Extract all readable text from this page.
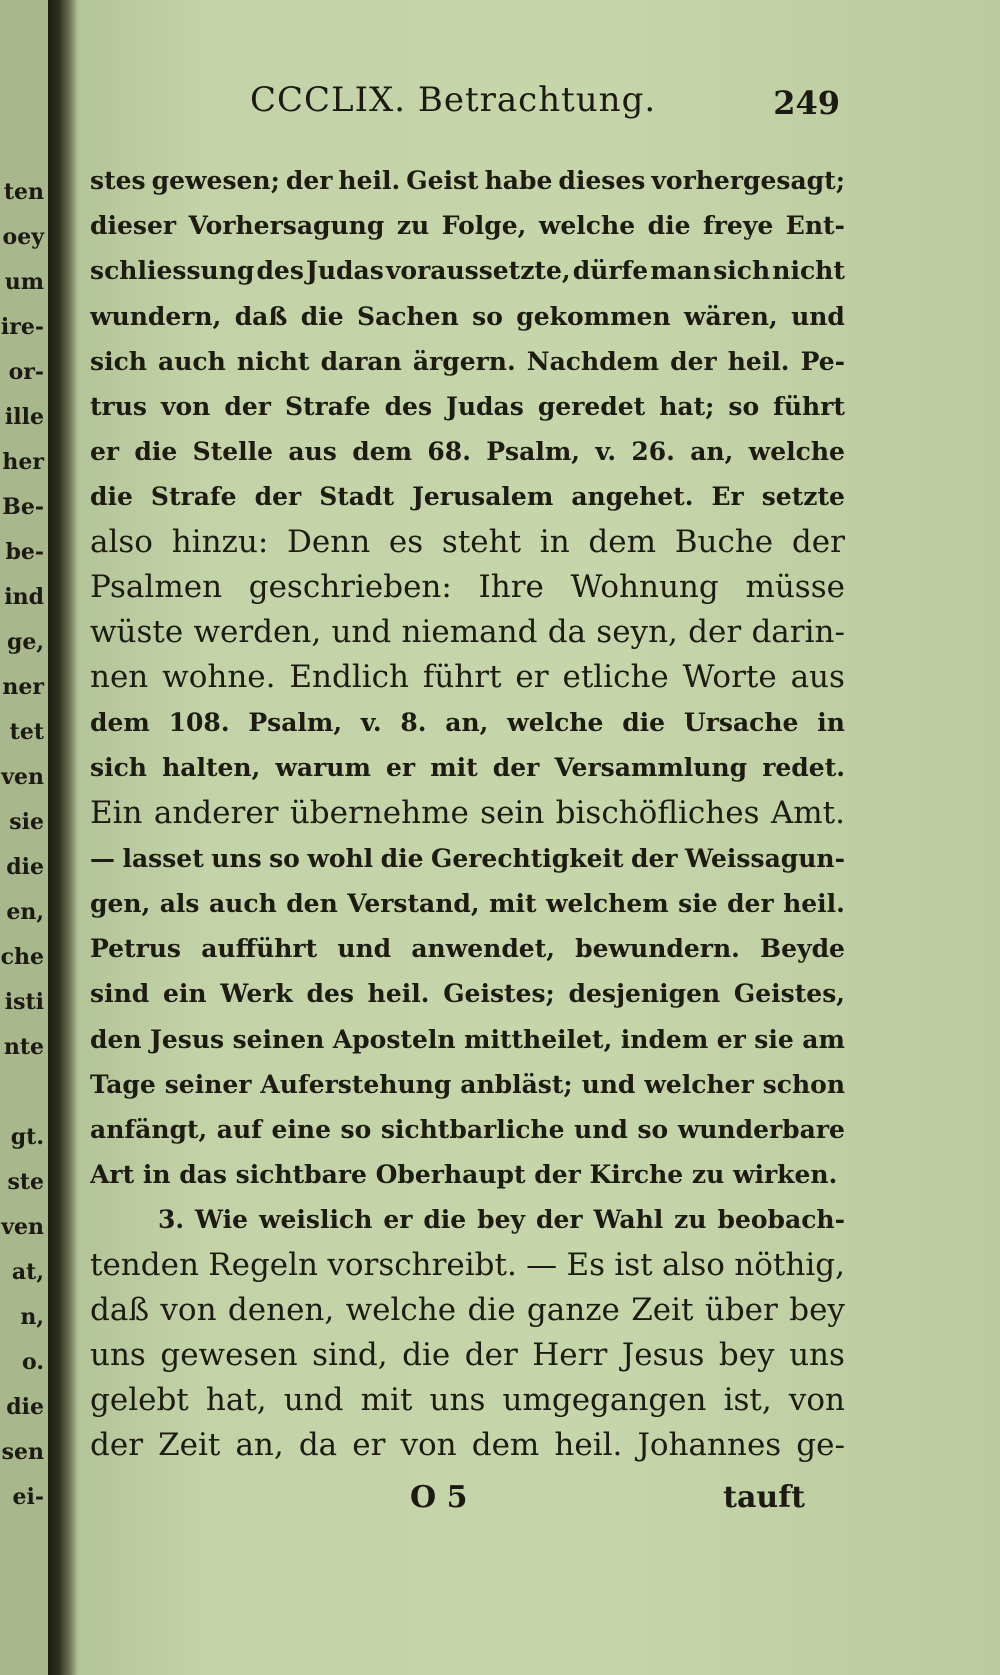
ten
oey
um
ire-
or-
ille
her
Be-
be-
ind
ge,
ner
tet
ven
sie
die
en,
che
isti
nte
gt.
ste
ven
at,
n,
o.
die
sen
ei-
CCCLIX. Betrachtung.	249
stes gewesen; der heil. Geist habe dieses vorhergesagt;
dieser Vorhersagung zu Folge, welche die freye Ent-
schliessung des Judas voraussetzte, dürfe man sich nicht
wundern, daß die Sachen so gekommen wären, und
sich auch nicht daran ärgern. Nachdem der heil. Pe-
trus von der Strafe des Judas geredet hat; so führt
er die Stelle aus dem 68. Psalm, v. 26. an, welche
die Strafe der Stadt Jerusalem angehet. Er setzte
also hinzu: Denn es steht in dem Buche der
Psalmen geschrieben: Ihre Wohnung müsse
wüste werden, und niemand da seyn, der darin-
nen wohne. Endlich führt er etliche Worte aus
dem 108. Psalm, v. 8. an, welche die Ursache in
sich halten, warum er mit der Versammlung redet.
Ein anderer übernehme sein bischöfliches Amt.
— lasset uns so wohl die Gerechtigkeit der Weissagun-
gen, als auch den Verstand, mit welchem sie der heil.
Petrus aufführt und anwendet, bewundern. Beyde
sind ein Werk des heil. Geistes; desjenigen Geistes,
den Jesus seinen Aposteln mittheilet, indem er sie am
Tage seiner Auferstehung anbläst; und welcher schon
anfängt, auf eine so sichtbarliche und so wunderbare
Art in das sichtbare Oberhaupt der Kirche zu wirken.
3. Wie weislich er die bey der Wahl zu beobach-
tenden Regeln vorschreibt. — Es ist also nöthig,
daß von denen, welche die ganze Zeit über bey
uns gewesen sind, die der Herr Jesus bey uns
gelebt hat, und mit uns umgegangen ist, von
der Zeit an, da er von dem heil. Johannes ge-
O 5	tauft
